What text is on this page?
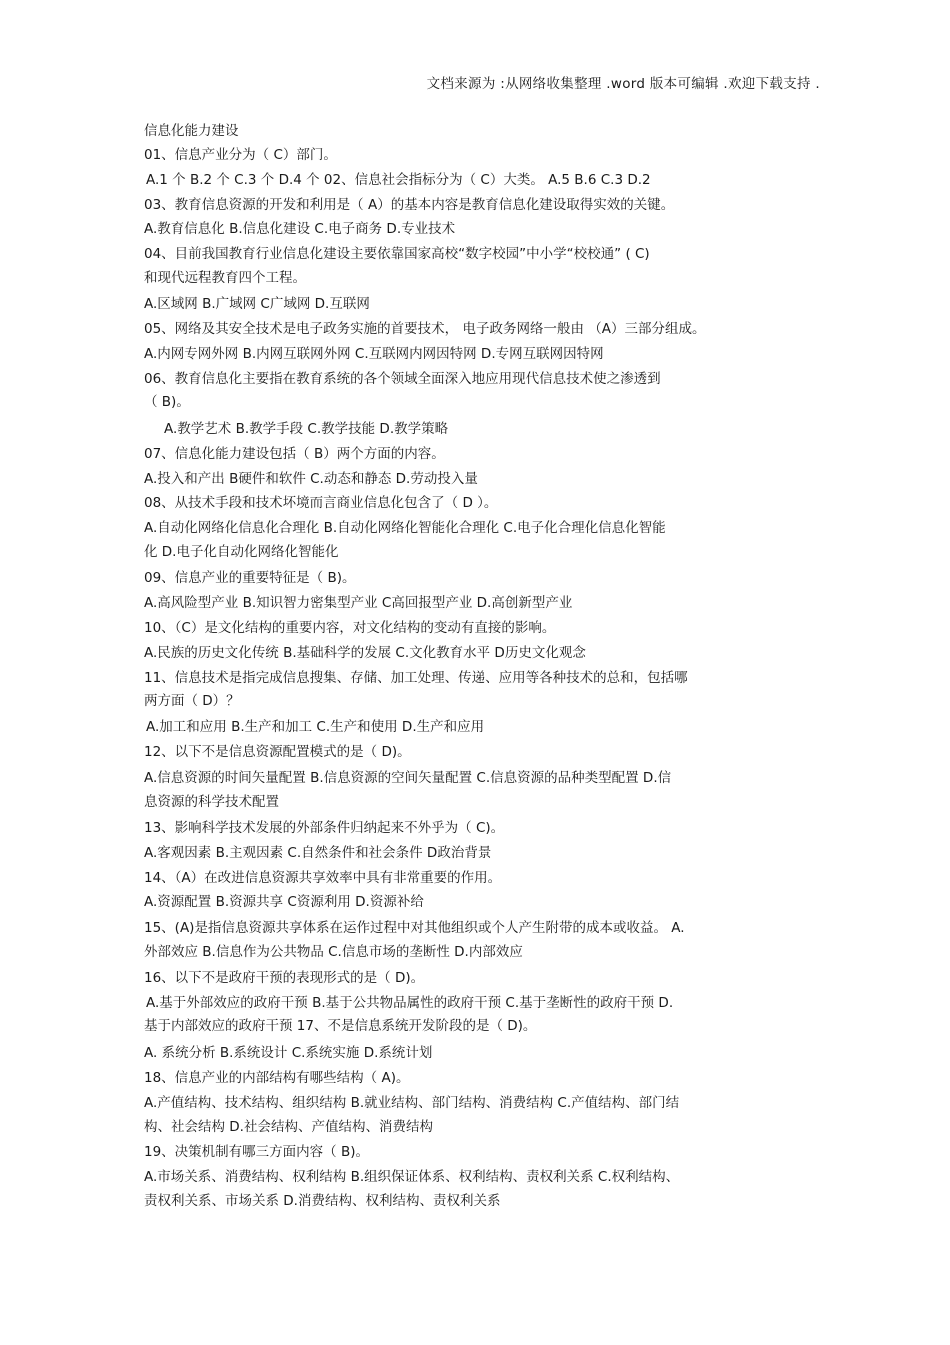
文档来源为 :从网络收集整理 .word 版本可编辑 .欢迎下载支持 .
信息化能力建设
01、信息产业分为（ C）部门。
A.1 个 B.2 个 C.3 个 D.4 个 02、信息社会指标分为（ C）大类。 A.5 B.6 C.3 D.2
03、教育信息资源的开发和利用是（ A）的基本内容是教育信息化建设取得实效的关键。
A.教育信息化 B.信息化建设 C.电子商务 D.专业技术
04、目前我国教育行业信息化建设主要依靠国家高校“数字校园”中小学“校校通” ( C)
和现代远程教育四个工程。
A.区域网 B.广域网 C广域网 D.互联网
05、网络及其安全技术是电子政务实施的首要技术， 电子政务网络一般由 （A）三部分组成。
A.内网专网外网 B.内网互联网外网 C.互联网内网因特网 D.专网互联网因特网
06、教育信息化主要指在教育系统的各个领域全面深入地应用现代信息技术使之渗透到
（ B)。
A.教学艺术 B.教学手段 C.教学技能 D.教学策略
07、信息化能力建设包括（ B）两个方面的内容。
A.投入和产出 B硬件和软件 C.动态和静态 D.劳动投入量
08、从技术手段和技术坏境而言商业信息化包含了（ D ）。
A.自动化网络化信息化合理化 B.自动化网络化智能化合理化 C.电子化合理化信息化智能
化 D.电子化自动化网络化智能化
09、信息产业的重要特征是（ B)。
A.高风险型产业 B.知识智力密集型产业 C高回报型产业 D.高创新型产业
10、（C）是文化结构的重要内容，对文化结构的变动有直接的影响。
A.民族的历史文化传统 B.基础科学的发展 C.文化教育水平 D历史文化观念
11、信息技术是指完成信息搜集、存储、加工处理、传递、应用等各种技术的总和，包括哪
两方面（ D）？
A.加工和应用 B.生产和加工 C.生产和使用 D.生产和应用
12、以下不是信息资源配置模式的是（ D)。
A.信息资源的时间矢量配置 B.信息资源的空间矢量配置 C.信息资源的品种类型配置 D.信
息资源的科学技术配置
13、影响科学技术发展的外部条件归纳起来不外乎为（ C)。
A.客观因素 B.主观因素 C.自然条件和社会条件 D政治背景
14、（A）在改进信息资源共享效率中具有非常重要的作用。
A.资源配置 B.资源共享 C资源利用 D.资源补给
15、(A)是指信息资源共享体系在运作过程中对其他组织或个人产生附带的成本或收益。 A.
外部效应 B.信息作为公共物品 C.信息市场的垄断性 D.内部效应
16、以下不是政府干预的表现形式的是（ D)。
A.基于外部效应的政府干预 B.基于公共物品属性的政府干预 C.基于垄断性的政府干预 D.
基于内部效应的政府干预 17、不是信息系统开发阶段的是（ D)。
A. 系统分析 B.系统设计 C.系统实施 D.系统计划
18、信息产业的内部结构有哪些结构（ A)。
A.产值结构、技术结构、组织结构 B.就业结构、部门结构、消费结构 C.产值结构、部门结
构、社会结构 D.社会结构、产值结构、消费结构
19、决策机制有哪三方面内容（ B)。
A.市场关系、消费结构、权利结构 B.组织保证体系、权利结构、责权利关系 C.权利结构、
责权利关系、市场关系 D.消费结构、权利结构、责权利关系
